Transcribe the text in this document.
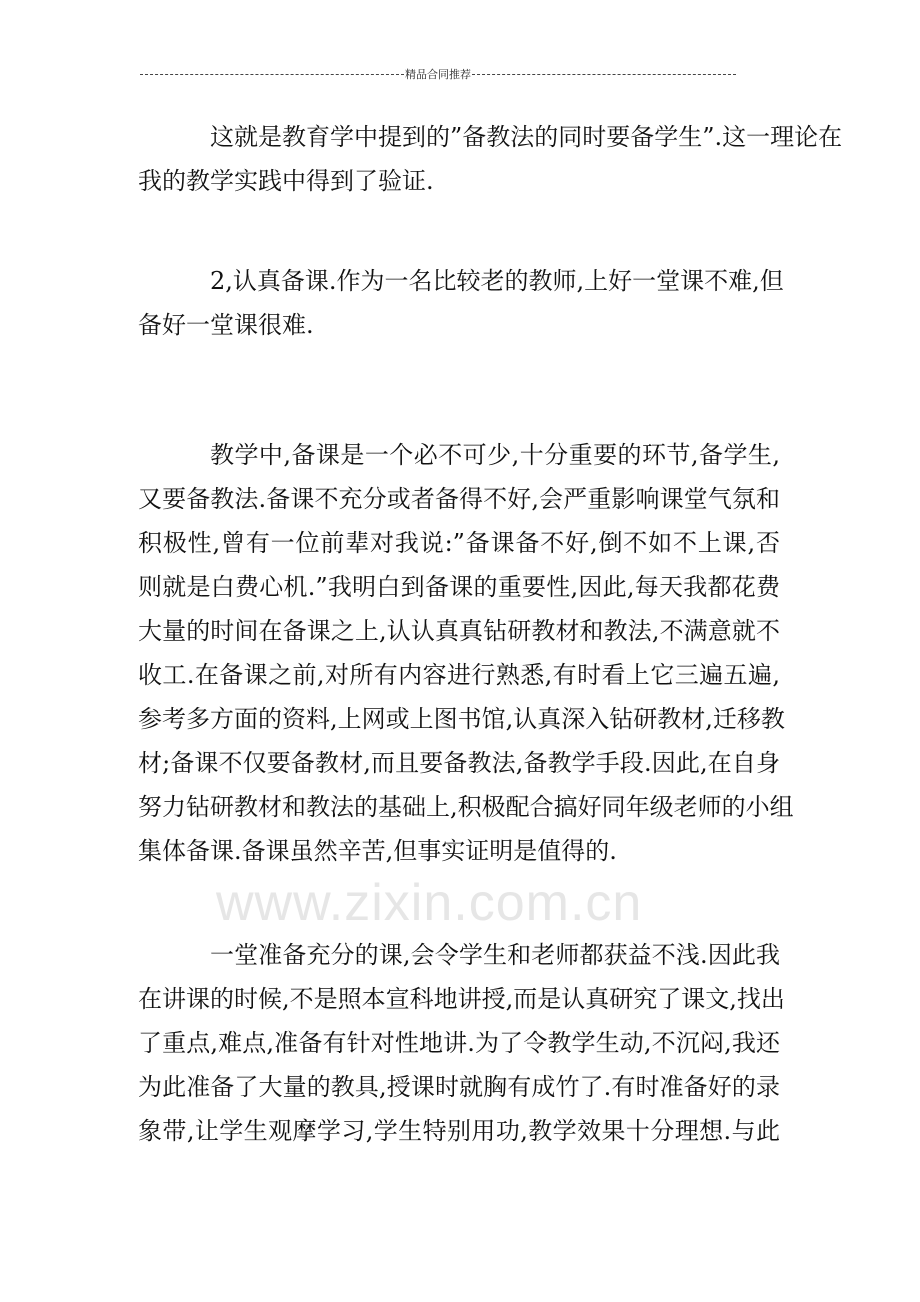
精品合同推荐
www.zixin.com.cn
这就是教育学中提到的”备教法的同时要备学生”.这一理论在
我的教学实践中得到了验证.
2,认真备课.作为一名比较老的教师,上好一堂课不难,但
备好一堂课很难.
教学中,备课是一个必不可少,十分重要的环节,备学生,
又要备教法.备课不充分或者备得不好,会严重影响课堂气氛和
积极性,曾有一位前辈对我说:”备课备不好,倒不如不上课,否
则就是白费心机.”我明白到备课的重要性,因此,每天我都花费
大量的时间在备课之上,认认真真钻研教材和教法,不满意就不
收工.在备课之前,对所有内容进行熟悉,有时看上它三遍五遍,
参考多方面的资料,上网或上图书馆,认真深入钻研教材,迁移教
材;备课不仅要备教材,而且要备教法,备教学手段.因此,在自身
努力钻研教材和教法的基础上,积极配合搞好同年级老师的小组
集体备课.备课虽然辛苦,但事实证明是值得的.
一堂准备充分的课,会令学生和老师都获益不浅.因此我
在讲课的时候,不是照本宣科地讲授,而是认真研究了课文,找出
了重点,难点,准备有针对性地讲.为了令教学生动,不沉闷,我还
为此准备了大量的教具,授课时就胸有成竹了.有时准备好的录
象带,让学生观摩学习,学生特别用功,教学效果十分理想.与此
